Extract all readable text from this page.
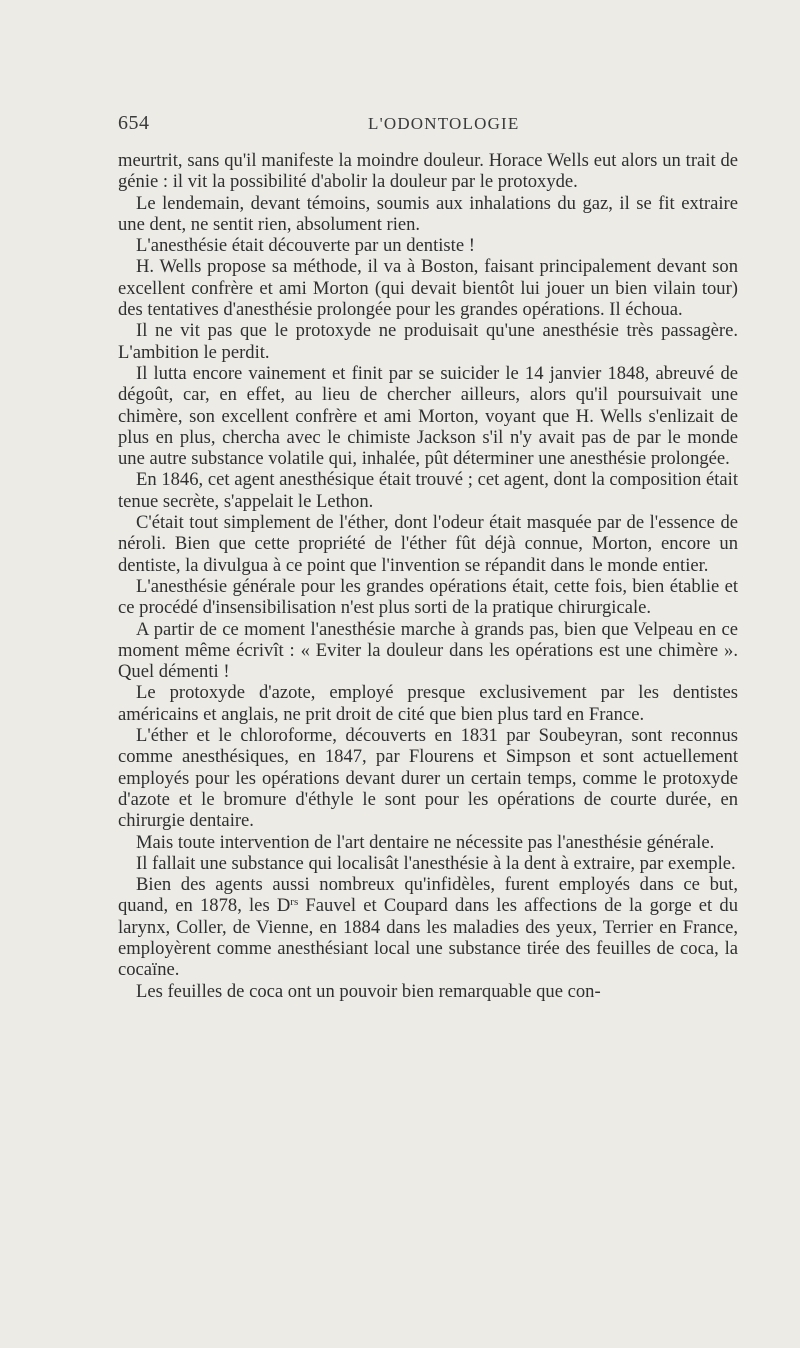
654	L'ODONTOLOGIE

meurtrit, sans qu'il manifeste la moindre douleur. Horace Wells eut alors un trait de génie : il vit la possibilité d'abolir la douleur par le protoxyde.

Le lendemain, devant témoins, soumis aux inhalations du gaz, il se fit extraire une dent, ne sentit rien, absolument rien.

L'anesthésie était découverte par un dentiste !

H. Wells propose sa méthode, il va à Boston, faisant principalement devant son excellent confrère et ami Morton (qui devait bientôt lui jouer un bien vilain tour) des tentatives d'anesthésie prolongée pour les grandes opérations. Il échoua.

Il ne vit pas que le protoxyde ne produisait qu'une anesthésie très passagère. L'ambition le perdit.

Il lutta encore vainement et finit par se suicider le 14 janvier 1848, abreuvé de dégoût, car, en effet, au lieu de chercher ailleurs, alors qu'il poursuivait une chimère, son excellent confrère et ami Morton, voyant que H. Wells s'enlizait de plus en plus, chercha avec le chimiste Jackson s'il n'y avait pas de par le monde une autre substance volatile qui, inhalée, pût déterminer une anesthésie prolongée.

En 1846, cet agent anesthésique était trouvé ; cet agent, dont la composition était tenue secrète, s'appelait le Lethon.

C'était tout simplement de l'éther, dont l'odeur était masquée par de l'essence de néroli. Bien que cette propriété de l'éther fût déjà connue, Morton, encore un dentiste, la divulgua à ce point que l'invention se répandit dans le monde entier.

L'anesthésie générale pour les grandes opérations était, cette fois, bien établie et ce procédé d'insensibilisation n'est plus sorti de la pratique chirurgicale.

A partir de ce moment l'anesthésie marche à grands pas, bien que Velpeau en ce moment même écrivît : « Eviter la douleur dans les opérations est une chimère ». Quel démenti !

Le protoxyde d'azote, employé presque exclusivement par les dentistes américains et anglais, ne prit droit de cité que bien plus tard en France.

L'éther et le chloroforme, découverts en 1831 par Soubeyran, sont reconnus comme anesthésiques, en 1847, par Flourens et Simpson et sont actuellement employés pour les opérations devant durer un certain temps, comme le protoxyde d'azote et le bromure d'éthyle le sont pour les opérations de courte durée, en chirurgie dentaire.

Mais toute intervention de l'art dentaire ne nécessite pas l'anesthésie générale.

Il fallait une substance qui localisât l'anesthésie à la dent à extraire, par exemple.

Bien des agents aussi nombreux qu'infidèles, furent employés dans ce but, quand, en 1878, les $D^{rs}$ Fauvel et Coupard dans les affections de la gorge et du larynx, Coller, de Vienne, en 1884 dans les maladies des yeux, Terrier en France, employèrent comme anesthésiant local une substance tirée des feuilles de coca, la cocaïne.

Les feuilles de coca ont un pouvoir bien remarquable que con-
